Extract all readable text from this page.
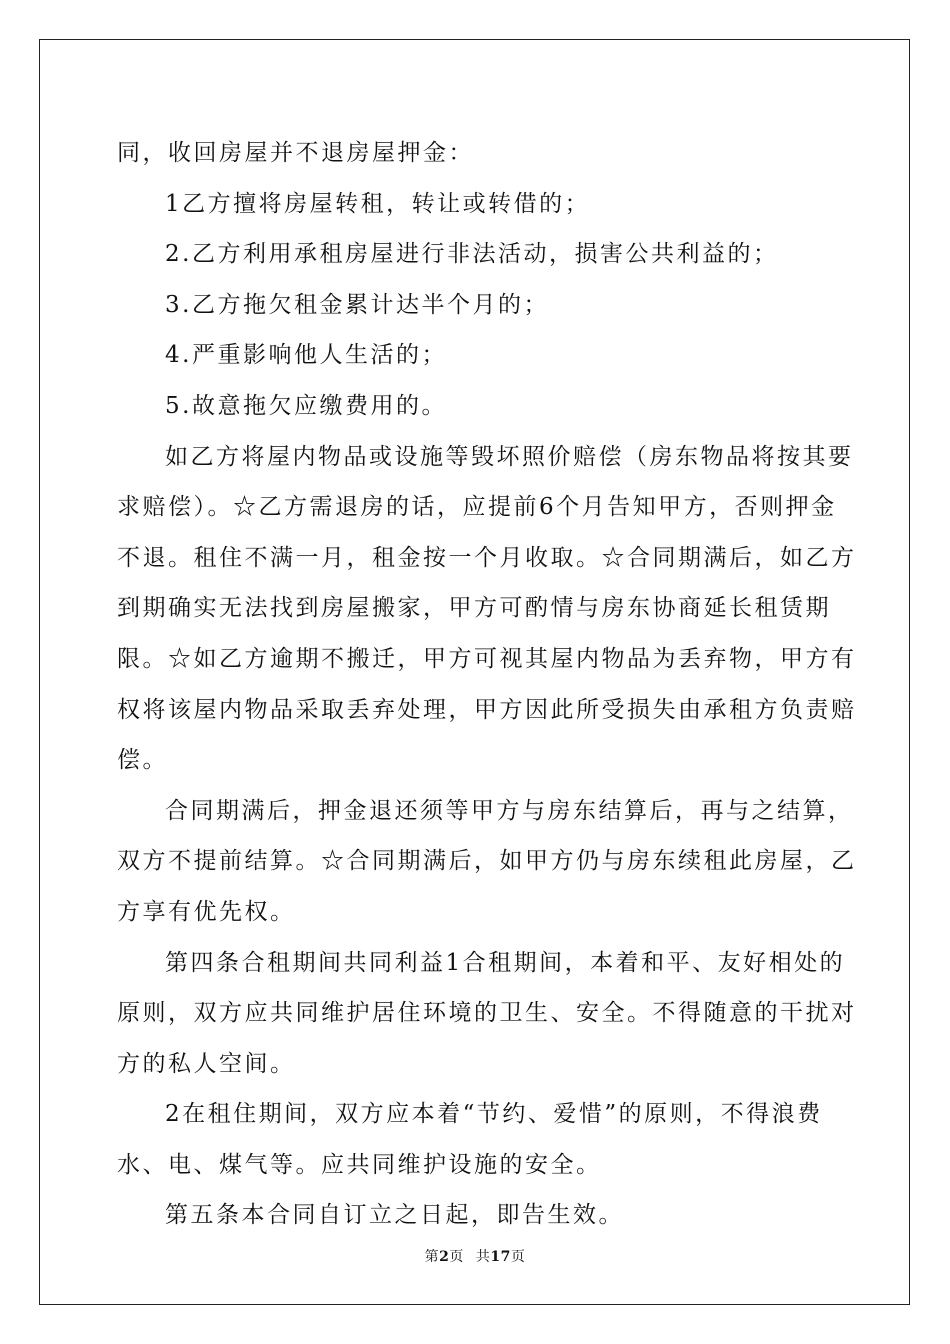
同，收回房屋并不退房屋押金：

1乙方擅将房屋转租，转让或转借的；

2.乙方利用承租房屋进行非法活动，损害公共利益的；

3.乙方拖欠租金累计达半个月的；

4.严重影响他人生活的；

5.故意拖欠应缴费用的。

如乙方将屋内物品或设施等毁坏照价赔偿（房东物品将按其要求赔偿）。☆乙方需退房的话，应提前6个月告知甲方，否则押金不退。租住不满一月，租金按一个月收取。☆合同期满后，如乙方到期确实无法找到房屋搬家，甲方可酌情与房东协商延长租赁期限。☆如乙方逾期不搬迁，甲方可视其屋内物品为丢弃物，甲方有权将该屋内物品采取丢弃处理，甲方因此所受损失由承租方负责赔偿。

合同期满后，押金退还须等甲方与房东结算后，再与之结算，双方不提前结算。☆合同期满后，如甲方仍与房东续租此房屋，乙方享有优先权。

第四条合租期间共同利益1合租期间，本着和平、友好相处的原则，双方应共同维护居住环境的卫生、安全。不得随意的干扰对方的私人空间。

2在租住期间，双方应本着“节约、爱惜”的原则，不得浪费水、电、煤气等。应共同维护设施的安全。

第五条本合同自订立之日起，即告生效。

第2页 共17页
